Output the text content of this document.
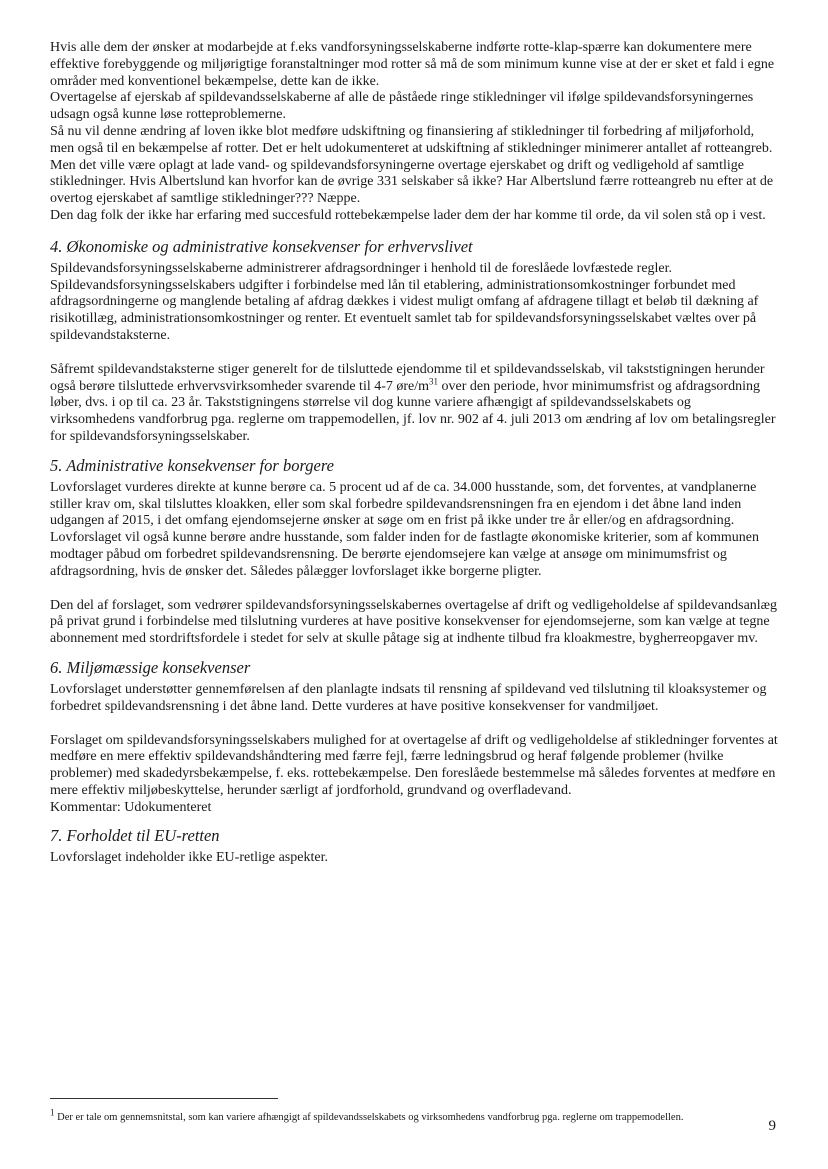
Hvis alle dem der ønsker at modarbejde at f.eks vandforsyningsselskaberne indførte rotte-klap-spærre kan dokumentere mere effektive forebyggende og miljørigtige foranstaltninger mod rotter så må de som minimum kunne vise at der er sket et fald i egne områder med konventionel bekæmpelse, dette kan de ikke.

Overtagelse af ejerskab af spildevandsselskaberne af alle de påståede ringe stikledninger vil ifølge spildevandsforsyningernes udsagn også kunne løse rotteproblemerne.

Så nu vil denne ændring af loven ikke blot medføre udskiftning og finansiering af stikledninger til forbedring af miljøforhold, men også til en bekæmpelse af rotter. Det er helt udokumenteret at udskiftning af stikledninger minimerer antallet af rotteangreb.

Men det ville være oplagt at lade vand- og spildevandsforsyningerne overtage ejerskabet og drift og vedligehold af samtlige stikledninger. Hvis Albertslund kan hvorfor kan de øvrige 331 selskaber så ikke? Har Albertslund færre rotteangreb nu efter at de overtog ejerskabet af samtlige stikledninger??? Næppe.

Den dag folk der ikke har erfaring med succesfuld rottebekæmpelse lader dem der har komme til orde, da vil solen stå op i vest.

4. Økonomiske og administrative konsekvenser for erhvervslivet

Spildevandsforsyningsselskaberne administrerer afdragsordninger i henhold til de foreslåede lovfæstede regler. Spildevandsforsyningsselskabers udgifter i forbindelse med lån til etablering, administrationsomkostninger forbundet med afdragsordningerne og manglende betaling af afdrag dækkes i videst muligt omfang af afdragene tillagt et beløb til dækning af risikotillæg, administrationsomkostninger og renter. Et eventuelt samlet tab for spildevandsforsyningsselskabet væltes over på spildevandstaksterne.

Såfremt spildevandstaksterne stiger generelt for de tilsluttede ejendomme til et spildevandsselskab, vil takststigningen herunder også berøre tilsluttede erhvervsvirksomheder svarende til 4-7 øre/$m^{31}$ over den periode, hvor minimumsfrist og afdragsordning løber, dvs. i op til ca. 23 år. Takststigningens størrelse vil dog kunne variere afhængigt af spildevandsselskabets og virksomhedens vandforbrug pga. reglerne om trappemodellen, jf. lov nr. 902 af 4. juli 2013 om ændring af lov om betalingsregler for spildevandsforsyningsselskaber.

5. Administrative konsekvenser for borgere

Lovforslaget vurderes direkte at kunne berøre ca. 5 procent ud af de ca. 34.000 husstande, som, det forventes, at vandplanerne stiller krav om, skal tilsluttes kloakken, eller som skal forbedre spildevandsrensningen fra en ejendom i det åbne land inden udgangen af 2015, i det omfang ejendomsejerne ønsker at søge om en frist på ikke under tre år eller/og en afdragsordning. Lovforslaget vil også kunne berøre andre husstande, som falder inden for de fastlagte økonomiske kriterier, som af kommunen modtager påbud om forbedret spildevandsrensning. De berørte ejendomsejere kan vælge at ansøge om minimumsfrist og afdragsordning, hvis de ønsker det. Således pålægger lovforslaget ikke borgerne pligter.

Den del af forslaget, som vedrører spildevandsforsyningsselskabernes overtagelse af drift og vedligeholdelse af spildevandsanlæg på privat grund i forbindelse med tilslutning vurderes at have positive konsekvenser for ejendomsejerne, som kan vælge at tegne abonnement med stordriftsfordele i stedet for selv at skulle påtage sig at indhente tilbud fra kloakmestre, bygherreopgaver mv.

6. Miljømæssige konsekvenser

Lovforslaget understøtter gennemførelsen af den planlagte indsats til rensning af spildevand ved tilslutning til kloaksystemer og forbedret spildevandsrensning i det åbne land. Dette vurderes at have positive konsekvenser for vandmiljøet.

Forslaget om spildevandsforsyningsselskabers mulighed for at overtagelse af drift og vedligeholdelse af stikledninger forventes at medføre en mere effektiv spildevandshåndtering med færre fejl, færre ledningsbrud og heraf følgende problemer (hvilke problemer) med skadedyrsbekæmpelse, f. eks. rottebekæmpelse. Den foreslåede bestemmelse må således forventes at medføre en mere effektiv miljøbeskyttelse, herunder særligt af jordforhold, grundvand og overfladevand.

Kommentar: Udokumenteret

7. Forholdet til EU-retten

Lovforslaget indeholder ikke EU-retlige aspekter.

$^1$ Der er tale om gennemsnitstal, som kan variere afhængigt af spildevandsselskabets og virksomhedens vandforbrug pga. reglerne om trappemodellen.
9
